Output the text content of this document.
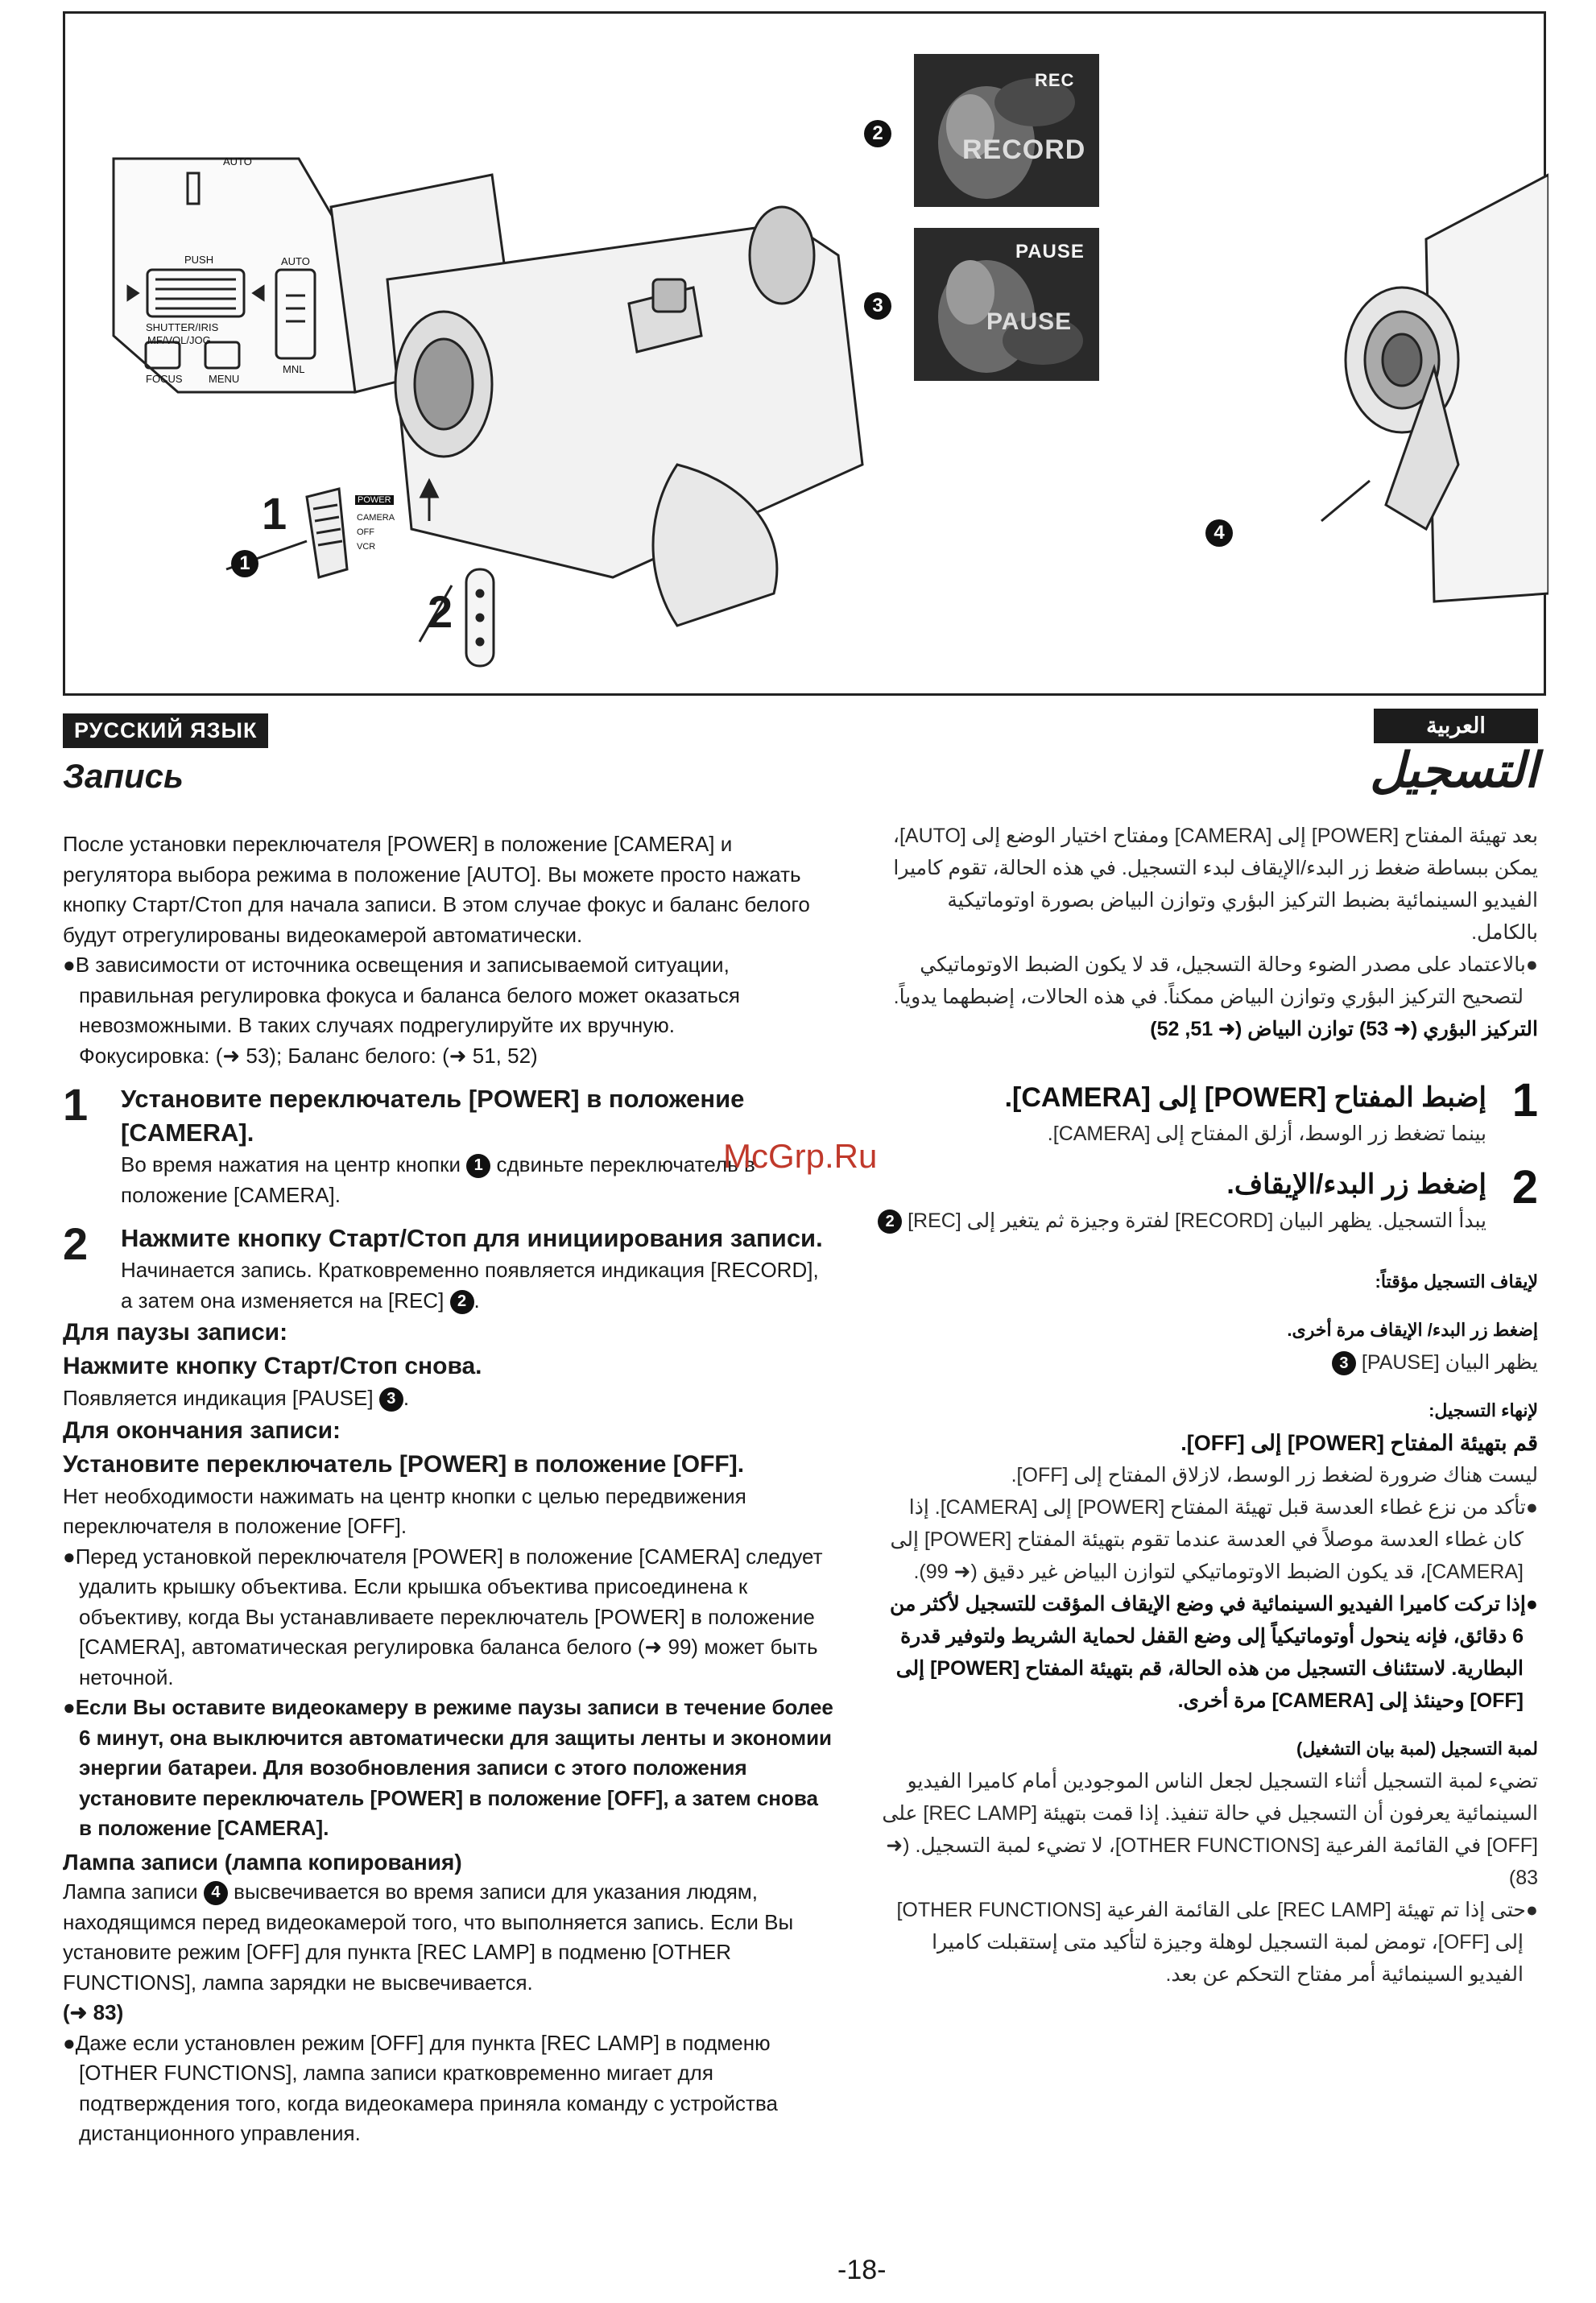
AUTO
PUSH	AUTO
SHUTTER/IRIS
MF/VOL/JOG
FOCUS	MENU
MNL
POWER
CAMERA
OFF
VCR
1
2
1
2
3
4
REC
RECORD
PAUSE
PAUSE
РУССКИЙ ЯЗЫК	العربية
Запись	التسجيل

После установки переключателя [POWER] в положение [CAMERA] и регулятора выбора режима в положение [AUTO]. Вы можете просто нажать кнопку Старт/Стоп для начала записи. В этом случае фокус и баланс белого будут отрегулированы видеокамерой автоматически.

●В зависимости от источника освещения и записываемой ситуации, правильная регулировка фокуса и баланса белого может оказаться невозможными. В таких случаях подрегулируйте их вручную.

Фокусировка: (➜ 53); Баланс белого: (➜ 51, 52)

1	Установите переключатель [POWER] в положение [CAMERA].

Во время нажатия на центр кнопки 1 сдвиньте переключатель в положение [CAMERA].

2	Нажмите кнопку Старт/Стоп для инициирования записи.

Начинается запись. Кратковременно появляется индикация [RECORD], а затем она изменяется на [REC] 2 .

Для паузы записи:
Нажмите кнопку Старт/Стоп снова.

Появляется индикация [PAUSE] 3 .

Для окончания записи:
Установите переключатель [POWER] в положение [OFF].

Нет необходимости нажимать на центр кнопки с целью передвижения переключателя в положение [OFF].

●Перед установкой переключателя [POWER] в положение [CAMERA] следует удалить крышку объектива. Если крышка объектива присоединена к объективу, когда Вы устанавливаете переключатель [POWER] в положение [CAMERA], автоматическая регулировка баланса белого (➜ 99) может быть неточной.

●Если Вы оставите видеокамеру в режиме паузы записи в течение более 6 минут, она выключится автоматически для защиты ленты и экономии энергии батареи. Для возобновления записи с этого положения установите переключатель [POWER] в положение [OFF], а затем снова в положение [CAMERA].

Лампа записи (лампа копирования)

Лампа записи 4 высвечивается во время записи для указания людям, находящимся перед видеокамерой того, что выполняется запись. Если Вы установите режим [OFF] для пункта [REC LAMP] в подменю [OTHER FUNCTIONS], лампа зарядки не высвечивается.

(➜ 83)

●Даже если установлен режим [OFF] для пункта [REC LAMP] в подменю [OTHER FUNCTIONS], лампа записи кратковременно мигает для подтверждения того, когда видеокамера приняла команду с устройства дистанционного управления.

بعد تهيئة المفتاح [POWER] إلى [CAMERA] ومفتاح اختيار الوضع إلى [AUTO]، يمكن ببساطة ضغط زر البدء/الإيقاف لبدء التسجيل. في هذه الحالة، تقوم كاميرا الفيديو السينمائية بضبط التركيز البؤري وتوازن البياض بصورة اوتوماتيكية بالكامل.

●بالاعتماد على مصدر الضوء وحالة التسجيل، قد لا يكون الضبط الاوتوماتيكي لتصحيح التركيز البؤري وتوازن البياض ممكناً. في هذه الحالات، إضبطهما يدوياً.

التركيز البؤري (➜ 53) توازن البياض (➜ 51, 52)

1
إضبط المفتاح [POWER] إلى [CAMERA].

بينما تضغط زر الوسط، أزلق المفتاح إلى [CAMERA].

2
إضغط زر البدء/الإيقاف.

يبدأ التسجيل. يظهر البيان [RECORD] لفترة وجيزة ثم يتغير إلى [REC] 2

لإيقاف التسجيل مؤقتاً:
إضغط زر البدء/ الإيقاف مرة أخرى.

يظهر البيان [PAUSE] 3

لإنهاء التسجيل:
قم بتهيئة المفتاح [POWER] إلى [OFF].

ليست هناك ضرورة لضغط زر الوسط، لازلاق المفتاح إلى [OFF].

●تأكد من نزع غطاء العدسة قبل تهيئة المفتاح [POWER] إلى [CAMERA]. إذا كان غطاء العدسة موصلاً في العدسة عندما تقوم بتهيئة المفتاح [POWER] إلى [CAMERA]، قد يكون الضبط الاوتوماتيكي لتوازن البياض غير دقيق (➜ 99).

●إذا تركت كاميرا الفيديو السينمائية في وضع الإيقاف المؤقت للتسجيل لأكثر من 6 دقائق، فإنه ينحول أوتوماتيكياً إلى وضع القفل لحماية الشريط ولتوفير قدرة البطارية. لاستئناف التسجيل من هذه الحالة، قم بتهيئة المفتاح [POWER] إلى [OFF] وحينئذ إلى [CAMERA] مرة أخرى.

لمبة التسجيل (لمبة بيان التشغيل)

تضيء لمبة التسجيل أثناء التسجيل لجعل الناس الموجودين أمام كاميرا الفيديو السينمائية يعرفون أن التسجيل في حالة تنفيذ. إذا قمت بتهيئة [REC LAMP] على [OFF] في القائمة الفرعية [OTHER FUNCTIONS]، لا تضيء لمبة التسجيل. (➜ 83)

●حتى إذا تم تهيئة [REC LAMP] على القائمة الفرعية [OTHER FUNCTIONS] إلى [OFF]، تومض لمبة التسجيل لوهلة وجيزة لتأكيد متى إستقبلت كاميرا الفيديو السينمائية أمر مفتاح التحكم عن بعد.

McGrp.Ru
-18-
